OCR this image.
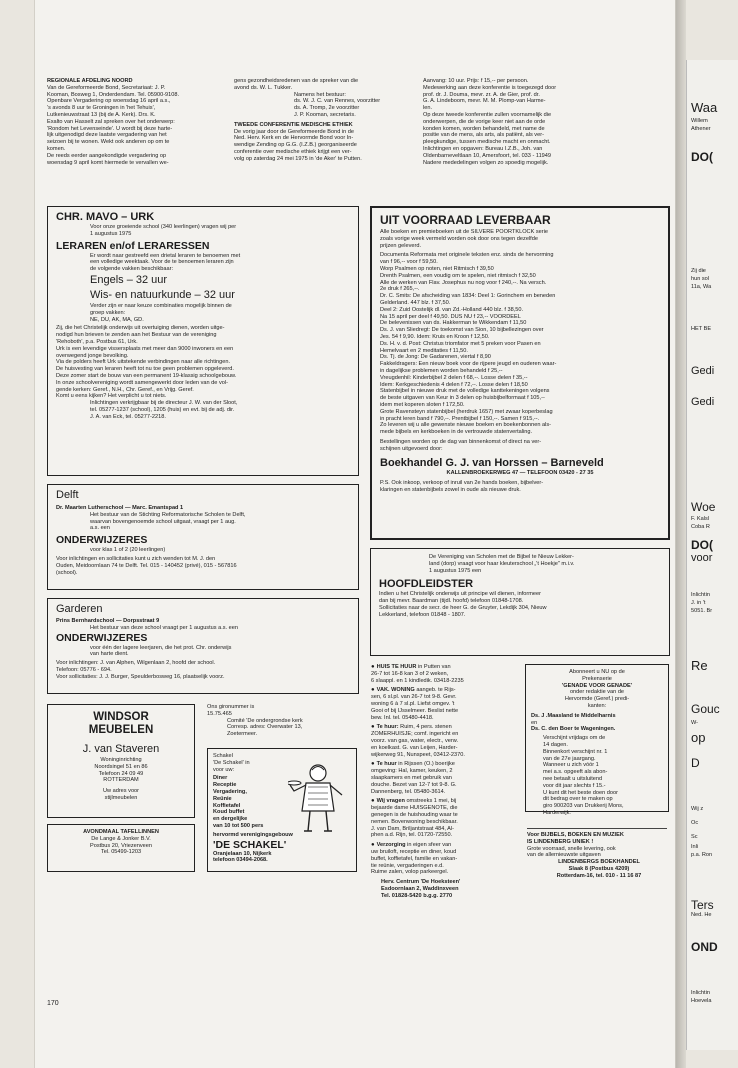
REGIONALE AFDELING NOORD
Van de Gereformeerde Bond, Secretariaat: J. P.
Kooman, Bosweg 1, Onderdendam. Tel. 05900-9108.
Openbare Vergadering op woensdag 16 april a.s.,
's avonds 8 uur te Groningen in 'het Tehuis',
Lutkenieuwstraat 13 (bij de A. Kerk). Drs. K.
Exalto van Hasselt zal spreken over het onderwerp:
'Rondom het Levenseinde'. U wordt bij deze harte-
lijk uitgenodigd deze laatste vergadering van het
seizoen bij te wonen. Wekt ook anderen op om te
komen.
De reeds eerder aangekondigde vergadering op
woensdag 9 april komt hiermede te vervallen we-
gens gezondheidsredenen van de spreker van die
avond ds. W. L. Tukker.
Namens het bestuur:
ds. W. J. C. van Rennes, voorzitter
ds. A. Tromp, 2e voorzitter
J. P. Kooman, secretaris.
TWEEDE CONFERENTIE MEDISCHE ETHIEK
De vorig jaar door de Gereformeerde Bond in de
Ned. Herv. Kerk en de Hervormde Bond voor In-
wendige Zending op G.G. (I.Z.B.) georganiseerde
conferentie over medische ethiek krijgt een ver-
volg op zaterdag 24 mei 1975 in 'de Aker' te Putten.
Aanvang: 10 uur. Prijs: f 15,-- per persoon.
Medewerking aan deze konferentie is toegezegd door
prof. dr. J. Douma, mevr. zr. A. de Gier, prof. dr.
G. A. Lindeboom, mevr. M. M. Plomp-van Harme-
len.
Op deze tweede konferentie zullen voornamelijk die
onderwerpen, die de vorige keer niet aan de orde
konden komen, worden behandeld, met name de
positie van de mens, als arts, als patiënt, als ver-
pleegkundige, tussen medische macht en onmacht.
Inlichtingen en opgaven: Bureau I.Z.B., Joh. van
Oldenbarneveltlaan 10, Amersfoort, tel. 033 - 11949
Nadere mededelingen volgen zo spoedig mogelijk.
CHR. MAVO – URK
Voor onze groeiende school (340 leerlingen) vragen wij per
1 augustus 1975
LERAREN en/of LERARESSEN
Er wordt naar gestreefd een drietal leraren te benoemen met
een volledige weektaak. Voor de te benoemen leraren zijn
de volgende vakken beschikbaar:
Engels – 32 uur
Wis- en natuurkunde – 32 uur
Verder zijn er naar keuze combinaties mogelijk binnen de
groep vakken:
NE, DU, AK, MA, GD.
Zij, die het Christelijk onderwijs uit overtuiging dienen, worden uitge-
nodigd hun brieven te zenden aan het Bestuur van de vereniging
'Rehoboth', p.a. Postbus 61, Urk.
Urk is een levendige vissersplaats met meer dan 9000 inwoners en een
overwegend jonge bevolking.
Via de polders heeft Urk uitstekende verbindingen naar alle richtingen.
De huisvesting van leraren heeft tot nu toe geen problemen opgeleverd.
Deze zomer start de bouw van een permanent 19-klassig schoolgebouw.
In onze schoolvereniging wordt samengewerkt door leden van de vol-
gende kerken: Geref., N.H., Chr. Geref., en Vrijg. Geref.
Komt u eens kijken? Het verplicht u tot niets.
Inlichtingen verkrijgbaar bij de directeur J. W. van der Sloot,
tel. 05277-1237 (school), 1205 (huis) en evt. bij de adj. dir.
J. A. van Eck, tel. 05277-2218.
Delft
Dr. Maarten Lutherschool — Marc. Emantspad 1
Het bestuur van de Stichting Reformatorische Scholen te Delft,
waarvan bovengenoemde school uitgaat, vraagt per 1 aug.
a.s. een
ONDERWIJZERES
voor klas 1 of 2 (20 leerlingen)
Voor inlichtingen en sollicitaties kunt u zich wenden tot M. J. den
Ouden, Meidoornlaan 74 te Delft. Tel. 015 - 140452 (privé), 015 - 567816
(school).
Garderen
Prins Bernhardschool — Dorpsstraat 9
Het bestuur van deze school vraagt per 1 augustus a.s. een
ONDERWIJZERES
voor één der lagere leerjaren, die het prot. Chr. onderwijs
van harte dient.
Voor inlichtingen: J. van Alphen, Wilgenlaan 2, hoofd der school.
Telefoon: 05776 - 694.
Voor sollicitaties: J. J. Burger, Speulderbosweg 16, plaatselijk voorz.
WINDSOR
MEUBELEN
J. van Staveren
Woninginrichting
Noordsingel 51 en 86
Telefoon 24 09 49
ROTTERDAM
Uw adres voor
stijlmeubelen
AVONDMAAL TAFELLINNEN
De Lange & Jonker B.V.
Postbus 20, Vriezenveen
Tel. 05499-1203
Ons gironummer is
15.75.465
Comité 'De ondergrondse kerk
Corresp. adres: Overwater 13,
Zoetermeer.
Schakel
'De Schakel' in
voor uw:
Diner
Receptie
Vergadering,
Reünie
Koffietafel
Koud buffet
en dergelijke
van 10 tot 500 pers
hervormd verenigingsgebouw
'DE SCHAKEL'
Oranjelaan 10, Nijkerk
telefoon 03494-2068.
UIT VOORRAAD LEVERBAAR
Alle boeken en premieboeken uit de SILVERE POORTKLOCK serie
zoals vorige week vermeld worden ook door ons tegen dezelfde
prijzen geleverd.
Documenta Reformata met originele teksten enz. sinds de hervorming
van f 96,-- voor f 59,50.
Worp Psalmen op noten, niet Ritmisch f 39,50
Drenth Psalmen, een voudig om te spelen, niet ritmisch f 32,50
Alle de werken van Flav. Josephus nu nog voor f 240,--. Na versch.
2e druk f 265,--.
Dr. C. Smits: De afscheiding van 1834: Deel 1: Gorinchem en beneden
Gelderland. 447 blz. f 37,50.
Deel 2: Zuid Oostelijk dl. van Zd.-Holland 440 blz. f 38,50.
Na 15 april per deel f 49,50. DUS NU f 23,-- VOORDEEL
De belevenissen van ds. Hakkerman te Wikkendam f 11,50
Ds. J. van Sliedregt: De toekomst van Sion, 10 bijbellezingen over
Jes. 54 f 9,90. Idem: Kruis en Kroon f 12,50.
Ds. H. v. d. Post: Christus triomfator met 5 preken voor Pasen en
Hemelvaart en 2 meditaties f 11,50.
Ds. Tj. de Jong: De Gadarenen, viertal f 8,90
Fakkeldragers: Een nieuw boek voor de rijpere jeugd en ouderen waar-
in dagelijkse problemen worden behandeld f 25,--
Vreugdenhil: Kinderbijbel 2 delen f 68,--. Losse delen f 35,--
Idem: Kerkgeschiedenis 4 delen f 72,--. Losse delen f 18,50
Statenbijbel in nieuwe druk met de volledige kanttekeningen volgens
de beste uitgaven van Keur in 3 delen op huisbijbelformaat f 105,--
idem met koperen sloten f 172,50.
Grote Ravensteyn statenbijbel (herdruk 1657) met zwaar koperbeslag
in pracht leren band f 790,--. Prentbijbel f 150,--. Samen f 915,--.
Zo leveren wij u alle gewenste nieuwe boeken en boekenbonnen als-
mede bijbels en kerkboeken in de vertrouwde statenvertaling.
Bestellingen worden op de dag van binnenkomst of direct na ver-
schijnen uitgevoerd door:
Boekhandel G. J. van Horssen – Barneveld
KALLENBROEKERWEG 47 — TELEFOON 03420 - 27 35
P.S. Ook inkoop, verkoop of inruil van 2e hands boeken, bijbelver-
klaringen en statenbijbels zowel in oude als nieuwe druk.
De Vereniging van Scholen met de Bijbel te Nieuw Lekker-
land (dorp) vraagt voor haar kleuterschool „'t Hoekje" m.i.v.
1 augustus 1975 een
HOOFDLEIDSTER
Indien u het Christelijk onderwijs uit principe wil dienen, informeer
dan bij mevr. Baardman (tijdl. hoofd) telefoon 01848-1708.
Sollicitaties naar de secr. de heer G. de Gruyter, Lekdijk 304, Nieuw
Lekkerland, telefoon 01848 - 1807.
● HUIS TE HUUR in Putten van
26-7 tot 16-8 kan 3 of 2 weken,
6 slaappl. en 1 kindledik. 03418-2235
● VAK. WONING aangeb. te Rijs-
sen, 6 sl.pl. van 26-7 tot 9-8. Gevr.
woning 6 à 7 sl.pl. Liefst omgev. 't
Gooi of bij IJsselmeer. Beslist nette
bew. Inl. tel. 05480-4418.
● Te huur: Ruim, 4 pers. stenen
ZOMERHUISJE; comf. ingericht en
voorz. van gas, water, electr., verw.
en koelkast. G. van Leijen, Harder-
wijkerweg 91, Nunspeet, 03412-2370.
● Te huur in Rijssen (O.) boerijke
omgeving: Hal, kamer, keuken, 2
slaapkamers en met gebruik van
douche. Bezet van 12-7 tot 9-8. G.
Dannenberg, tel. 05480-3614.
● Wij vragen omstreeks 1 mei, bij
bejaarde dame HUISGENOTE, die
genegen is de huishouding waar te
nemen. Bovenwoning beschikbaar.
J. van Dam, Briljantstraat 484, Al-
phen a.d. Rijn, tel. 01720-72550.
● Verzorging in eigen sfeer van
uw bruiloft, receptie en diner, koud
buffet, koffietafel, familie en vakan-
tie reünie, vergaderingen e.d.
Ruime zalen, volop parkeergel.
Herv. Centrum 'De Hoeksteen'
Esdoornlaan 2, Waddinxveen
Tel. 01828-5420 b.g.g. 2770
Abonneert u NU op de
Prekenserie
'GENADE VOOR GENADE'
onder redaktie van de
Hervormde (Geref.) predi-
kanten:
Ds. J .Maasland te Middelharnis
en
Ds. C. den Boer te Wageningen.
Verschijnt vrijdags om de
14 dagen.
Binnenkort verschijnt nr. 1
van de 27e jaargang.
Wanneer u zich vóór 1
mei a.s. opgeeft als abon-
nee betaalt u uitsluitend
voor dit jaar slechts f 15.-
U kunt dit het beste doen door
dit bedrag over te maken op
giro 900203 van Drukkerij Mons,
Harderwijk.
Voor BIJBELS, BOEKEN EN MUZIEK
IS LINDENBERG UNIEK !
Grote voorraad, snelle levering, ook
van de allernieuwste uitgaven
LINDENBERGS BOEKHANDEL
Slaak 8 (Postbus 4209)
Rotterdam-16, tel. 010 - 11 16 87
170
Waa
Willem
Athener
DO(
Zij die
hun sol
11a, Wa
HET BE
Gedi
Gedi
Woe
F. Kalsl
Coba R
DO(
voor
Inlichtin
J. in 't
5051. Br
Re
Gouc
W-
op
D
Wij z
Oc
Sc
Inli
p.a. Ron
Ters
Ned. He
OND
Inlichtin
Hoevela
